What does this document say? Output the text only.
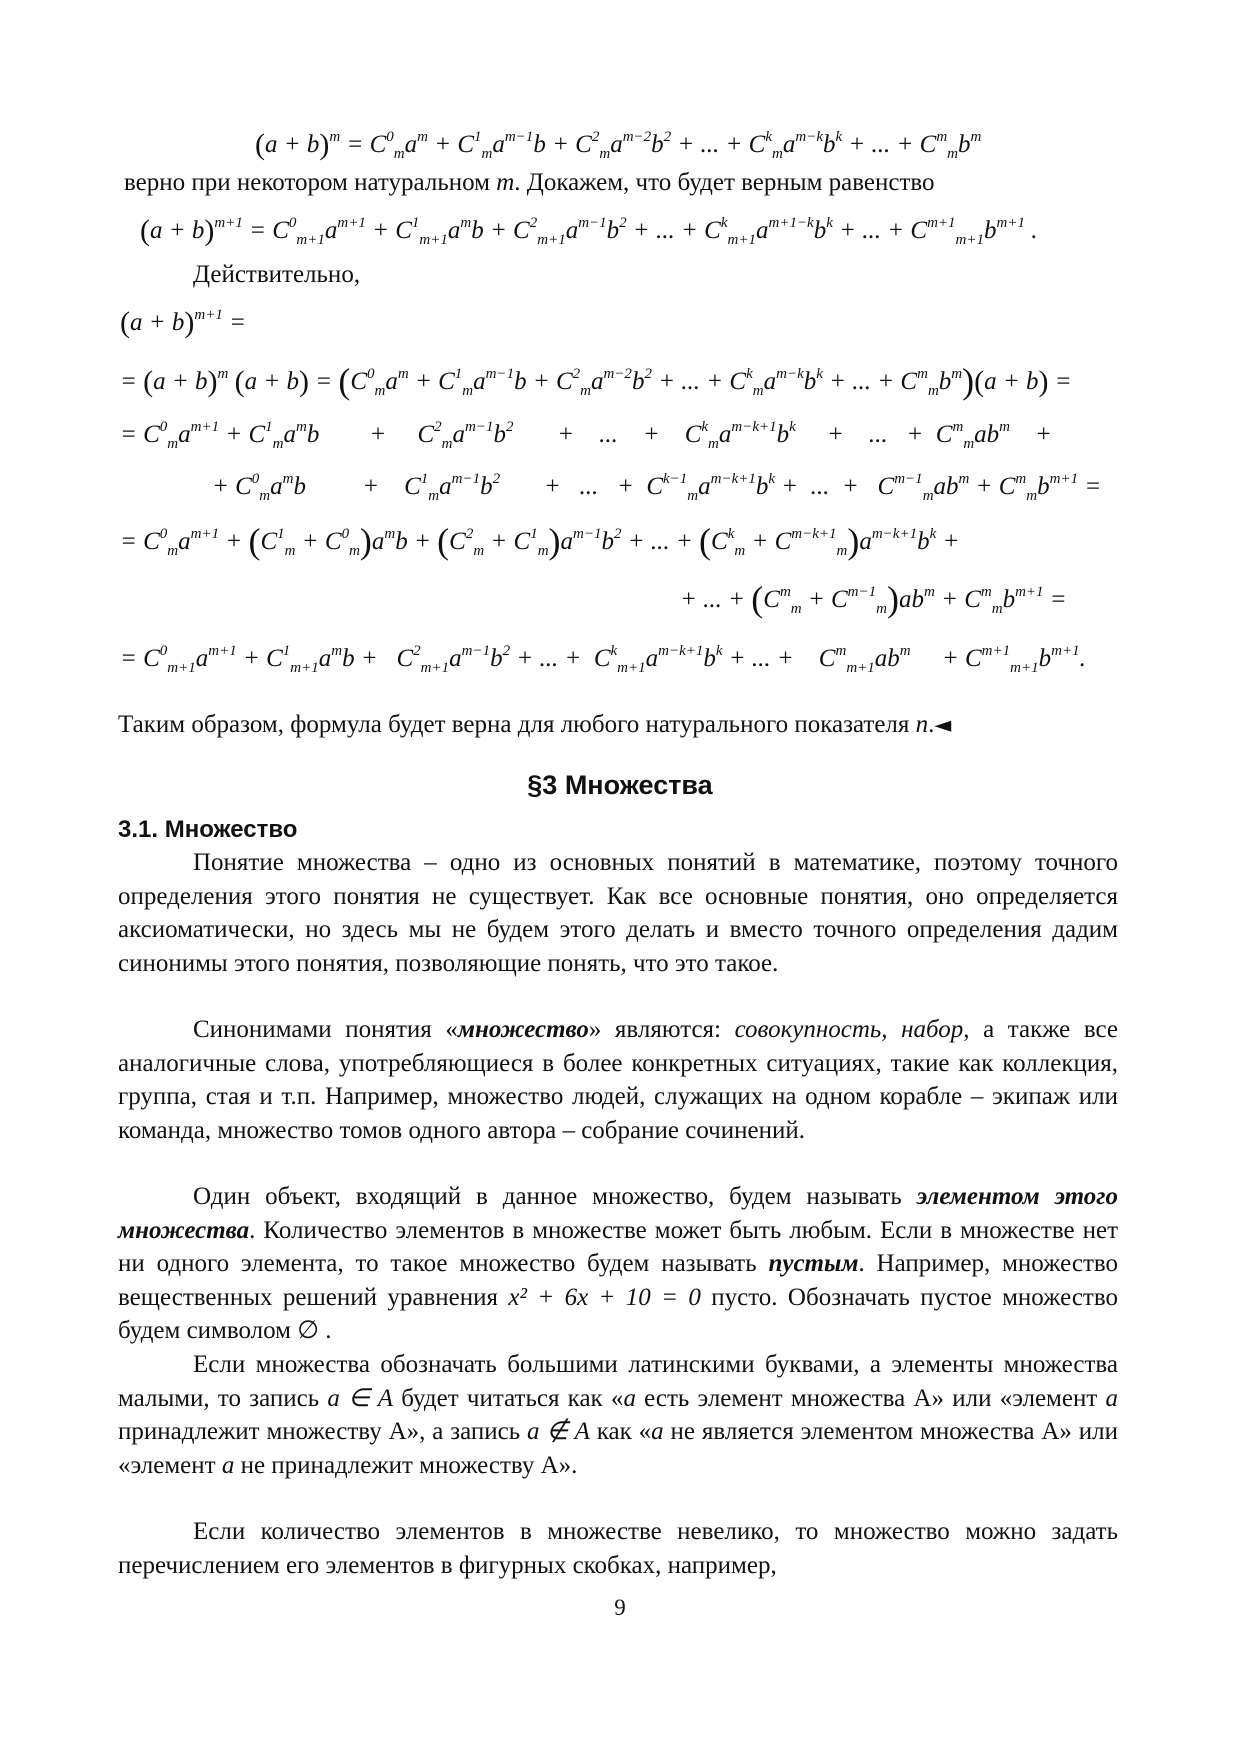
$(a + b)^m = C^0_ma^m + C^1_ma^{m-1}b + C^2_ma^{m-2}b^2$ + ... + $C^k_ma^{m-k}b^k$ + ... + $C^m_mb^m$
верно при некотором натуральном m. Докажем, что будет верным равенство
$(a + b)^{m+1} = C^0_{m+1}a^{m+1} + C^1_{m+1}a^mb + C^2_{m+1}a^{m-1}b^2$ + ... + $C^k_{m+1}a^{m+1-k}b^k$ + ... + $C^{m+1}_{m+1}b^{m+1}$ .
Действительно,
$(a + b)^{m+1}$ =
= $(a + b)^m$ $(a + b) = (C^0_ma^m + C^1_ma^{m-1}b + C^2_ma^{m-2}b^2$ + ... + $C^k_ma^{m-k}b^k$ + ... + $C^m_mb^m)(a + b)$ =
= $C^0_ma^{m+1} + C^1_ma^mb$        +     $C^2_ma^{m-1}b^2$       +    ...    +    $C^k_ma^{m-k+1}b^k$     +    ...   +  $C^m_mab^m$    +
+ $C^0_ma^mb$         +    $C^1_ma^{m-1}b^2$       +   ...   +  $C^{k-1}_ma^{m-k+1}b^k$ +  ...  +   $C^{m-1}_mab^m + C^m_mb^{m+1}$ =
= $C^0_ma^{m+1} + (C^1_m + C^0_m)a^mb + (C^2_m + C^1_m)a^{m-1}b^2$ + ... + $(C^k_m + C^{m-k+1}_m)a^{m-k+1}b^k$ +
+ ... + $(C^m_m + C^{m-1}_m)ab^m + C^m_mb^{m+1}$ =
= $C^0_{m+1}a^{m+1} + C^1_{m+1}a^mb + C^2_{m+1}a^{m-1}b^2$ + ... +  $C^k_{m+1}a^{m-k+1}b^k$ + ... +    $C^m_{m+1}ab^m$     + $C^{m+1}_{m+1}b^{m+1}$.
Таким образом, формула будет верна для любого натурального показателя n.◄
§3 Множества
3.1. Множество
Понятие множества – одно из основных понятий в математике, поэтому точного определения этого понятия не существует. Как все основные понятия, оно определяется аксиоматически, но здесь мы не будем этого делать и вместо точного определения дадим синонимы этого понятия, позволяющие понять, что это такое.
Синонимами понятия «множество» являются: совокупность, набор, а также все аналогичные слова, употребляющиеся в более конкретных ситуациях, такие как коллекция, группа, стая и т.п. Например, множество людей, служащих на одном корабле – экипаж или команда, множество томов одного автора – собрание сочинений.
Один объект, входящий в данное множество, будем называть элементом этого множества. Количество элементов в множестве может быть любым. Если в множестве нет ни одного элемента, то такое множество будем называть пустым. Например, множество вещественных решений уравнения x² + 6x + 10 = 0 пусто. Обозначать пустое множество будем символом ∅ .
Если множества обозначать большими латинскими буквами, а элементы множества малыми, то запись a ∈ A будет читаться как «a есть элемент множества А» или «элемент a принадлежит множеству А», а запись a ∉ A как «a не является элементом множества А» или «элемент a не принадлежит множеству А».
Если количество элементов в множестве невелико, то множество можно задать перечислением его элементов в фигурных скобках, например,
9
